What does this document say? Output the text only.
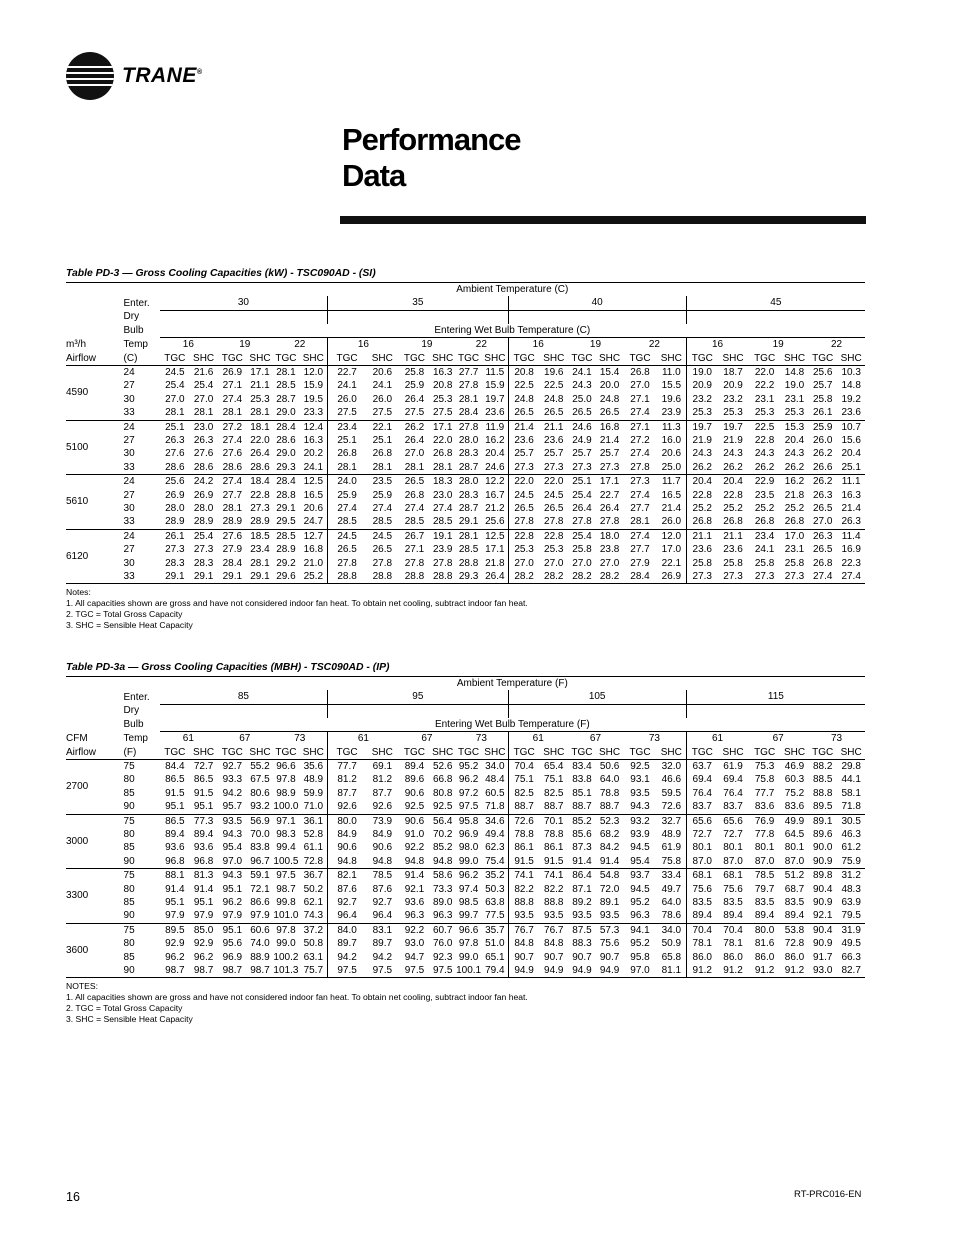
TRANE®
Performance
Data
Table PD-3 — Gross Cooling Capacities (kW) - TSC090AD - (SI)
		Ambient Temperature (C)																							
	Enter.	30						35						40						45					
	Dry																								
	Bulb	Entering Wet Bulb Temperature (C)																							
m³/h	Temp	16		19		22		16		19		22		16		19		22		16		19		22	
Airflow	(C)	TGC	SHC	TGC	SHC	TGC	SHC	TGC	SHC	TGC	SHC	TGC	SHC	TGC	SHC	TGC	SHC	TGC	SHC	TGC	SHC	TGC	SHC	TGC	SHC
4590	24	24.5	21.6	26.9	17.1	28.1	12.0	22.7	20.6	25.8	16.3	27.7	11.5	20.8	19.6	24.1	15.4	26.8	11.0	19.0	18.7	22.0	14.8	25.6	10.3
	27	25.4	25.4	27.1	21.1	28.5	15.9	24.1	24.1	25.9	20.8	27.8	15.9	22.5	22.5	24.3	20.0	27.0	15.5	20.9	20.9	22.2	19.0	25.7	14.8
	30	27.0	27.0	27.4	25.3	28.7	19.5	26.0	26.0	26.4	25.3	28.1	19.7	24.8	24.8	25.0	24.8	27.1	19.6	23.2	23.2	23.1	23.1	25.8	19.2
	33	28.1	28.1	28.1	28.1	29.0	23.3	27.5	27.5	27.5	27.5	28.4	23.6	26.5	26.5	26.5	26.5	27.4	23.9	25.3	25.3	25.3	25.3	26.1	23.6
5100	24	25.1	23.0	27.2	18.1	28.4	12.4	23.4	22.1	26.2	17.1	27.8	11.9	21.4	21.1	24.6	16.8	27.1	11.3	19.7	19.7	22.5	15.3	25.9	10.7
	27	26.3	26.3	27.4	22.0	28.6	16.3	25.1	25.1	26.4	22.0	28.0	16.2	23.6	23.6	24.9	21.4	27.2	16.0	21.9	21.9	22.8	20.4	26.0	15.6
	30	27.6	27.6	27.6	26.4	29.0	20.2	26.8	26.8	27.0	26.8	28.3	20.4	25.7	25.7	25.7	25.7	27.4	20.6	24.3	24.3	24.3	24.3	26.2	20.4
	33	28.6	28.6	28.6	28.6	29.3	24.1	28.1	28.1	28.1	28.1	28.7	24.6	27.3	27.3	27.3	27.3	27.8	25.0	26.2	26.2	26.2	26.2	26.6	25.1
5610	24	25.6	24.2	27.4	18.4	28.4	12.5	24.0	23.5	26.5	18.3	28.0	12.2	22.0	22.0	25.1	17.1	27.3	11.7	20.4	20.4	22.9	16.2	26.2	11.1
	27	26.9	26.9	27.7	22.8	28.8	16.5	25.9	25.9	26.8	23.0	28.3	16.7	24.5	24.5	25.4	22.7	27.4	16.5	22.8	22.8	23.5	21.8	26.3	16.3
	30	28.0	28.0	28.1	27.3	29.1	20.6	27.4	27.4	27.4	27.4	28.7	21.2	26.5	26.5	26.4	26.4	27.7	21.4	25.2	25.2	25.2	25.2	26.5	21.4
	33	28.9	28.9	28.9	28.9	29.5	24.7	28.5	28.5	28.5	28.5	29.1	25.6	27.8	27.8	27.8	27.8	28.1	26.0	26.8	26.8	26.8	26.8	27.0	26.3
6120	24	26.1	25.4	27.6	18.5	28.5	12.7	24.5	24.5	26.7	19.1	28.1	12.5	22.8	22.8	25.4	18.0	27.4	12.0	21.1	21.1	23.4	17.0	26.3	11.4
	27	27.3	27.3	27.9	23.4	28.9	16.8	26.5	26.5	27.1	23.9	28.5	17.1	25.3	25.3	25.8	23.8	27.7	17.0	23.6	23.6	24.1	23.1	26.5	16.9
	30	28.3	28.3	28.4	28.1	29.2	21.0	27.8	27.8	27.8	27.8	28.8	21.8	27.0	27.0	27.0	27.0	27.9	22.1	25.8	25.8	25.8	25.8	26.8	22.3
	33	29.1	29.1	29.1	29.1	29.6	25.2	28.8	28.8	28.8	28.8	29.3	26.4	28.2	28.2	28.2	28.2	28.4	26.9	27.3	27.3	27.3	27.3	27.4	27.4
Notes:
1. All capacities shown are gross and have not considered indoor fan heat. To obtain net cooling, subtract indoor fan heat.
2. TGC = Total Gross Capacity
3. SHC = Sensible Heat Capacity
Table PD-3a — Gross Cooling Capacities (MBH) - TSC090AD - (IP)
		Ambient Temperature (F)																							
	Enter.	85						95						105						115					
	Dry																								
	Bulb	Entering Wet Bulb Temperature (F)																							
CFM	Temp	61		67		73		61		67		73		61		67		73		61		67		73	
Airflow	(F)	TGC	SHC	TGC	SHC	TGC	SHC	TGC	SHC	TGC	SHC	TGC	SHC	TGC	SHC	TGC	SHC	TGC	SHC	TGC	SHC	TGC	SHC	TGC	SHC
2700	75	84.4	72.7	92.7	55.2	96.6	35.6	77.7	69.1	89.4	52.6	95.2	34.0	70.4	65.4	83.4	50.6	92.5	32.0	63.7	61.9	75.3	46.9	88.2	29.8
	80	86.5	86.5	93.3	67.5	97.8	48.9	81.2	81.2	89.6	66.8	96.2	48.4	75.1	75.1	83.8	64.0	93.1	46.6	69.4	69.4	75.8	60.3	88.5	44.1
	85	91.5	91.5	94.2	80.6	98.9	59.9	87.7	87.7	90.6	80.8	97.2	60.5	82.5	82.5	85.1	78.8	93.5	59.5	76.4	76.4	77.7	75.2	88.8	58.1
	90	95.1	95.1	95.7	93.2	100.0	71.0	92.6	92.6	92.5	92.5	97.5	71.8	88.7	88.7	88.7	88.7	94.3	72.6	83.7	83.7	83.6	83.6	89.5	71.8
3000	75	86.5	77.3	93.5	56.9	97.1	36.1	80.0	73.9	90.6	56.4	95.8	34.6	72.6	70.1	85.2	52.3	93.2	32.7	65.6	65.6	76.9	49.9	89.1	30.5
	80	89.4	89.4	94.3	70.0	98.3	52.8	84.9	84.9	91.0	70.2	96.9	49.4	78.8	78.8	85.6	68.2	93.9	48.9	72.7	72.7	77.8	64.5	89.6	46.3
	85	93.6	93.6	95.4	83.8	99.4	61.1	90.6	90.6	92.2	85.2	98.0	62.3	86.1	86.1	87.3	84.2	94.5	61.9	80.1	80.1	80.1	80.1	90.0	61.2
	90	96.8	96.8	97.0	96.7	100.5	72.8	94.8	94.8	94.8	94.8	99.0	75.4	91.5	91.5	91.4	91.4	95.4	75.8	87.0	87.0	87.0	87.0	90.9	75.9
3300	75	88.1	81.3	94.3	59.1	97.5	36.7	82.1	78.5	91.4	58.6	96.2	35.2	74.1	74.1	86.4	54.8	93.7	33.4	68.1	68.1	78.5	51.2	89.8	31.2
	80	91.4	91.4	95.1	72.1	98.7	50.2	87.6	87.6	92.1	73.3	97.4	50.3	82.2	82.2	87.1	72.0	94.5	49.7	75.6	75.6	79.7	68.7	90.4	48.3
	85	95.1	95.1	96.2	86.6	99.8	62.1	92.7	92.7	93.6	89.0	98.5	63.8	88.8	88.8	89.2	89.1	95.2	64.0	83.5	83.5	83.5	83.5	90.9	63.9
	90	97.9	97.9	97.9	97.9	101.0	74.3	96.4	96.4	96.3	96.3	99.7	77.5	93.5	93.5	93.5	93.5	96.3	78.6	89.4	89.4	89.4	89.4	92.1	79.5
3600	75	89.5	85.0	95.1	60.6	97.8	37.2	84.0	83.1	92.2	60.7	96.6	35.7	76.7	76.7	87.5	57.3	94.1	34.0	70.4	70.4	80.0	53.8	90.4	31.9
	80	92.9	92.9	95.6	74.0	99.0	50.8	89.7	89.7	93.0	76.0	97.8	51.0	84.8	84.8	88.3	75.6	95.2	50.9	78.1	78.1	81.6	72.8	90.9	49.5
	85	96.2	96.2	96.9	88.9	100.2	63.1	94.2	94.2	94.7	92.3	99.0	65.1	90.7	90.7	90.7	90.7	95.8	65.8	86.0	86.0	86.0	86.0	91.7	66.3
	90	98.7	98.7	98.7	98.7	101.3	75.7	97.5	97.5	97.5	97.5	100.1	79.4	94.9	94.9	94.9	94.9	97.0	81.1	91.2	91.2	91.2	91.2	93.0	82.7
NOTES:
1. All capacities shown are gross and have not considered indoor fan heat. To obtain net cooling, subtract indoor fan heat.
2. TGC = Total Gross Capacity
3. SHC = Sensible Heat Capacity
16	RT-PRC016-EN
